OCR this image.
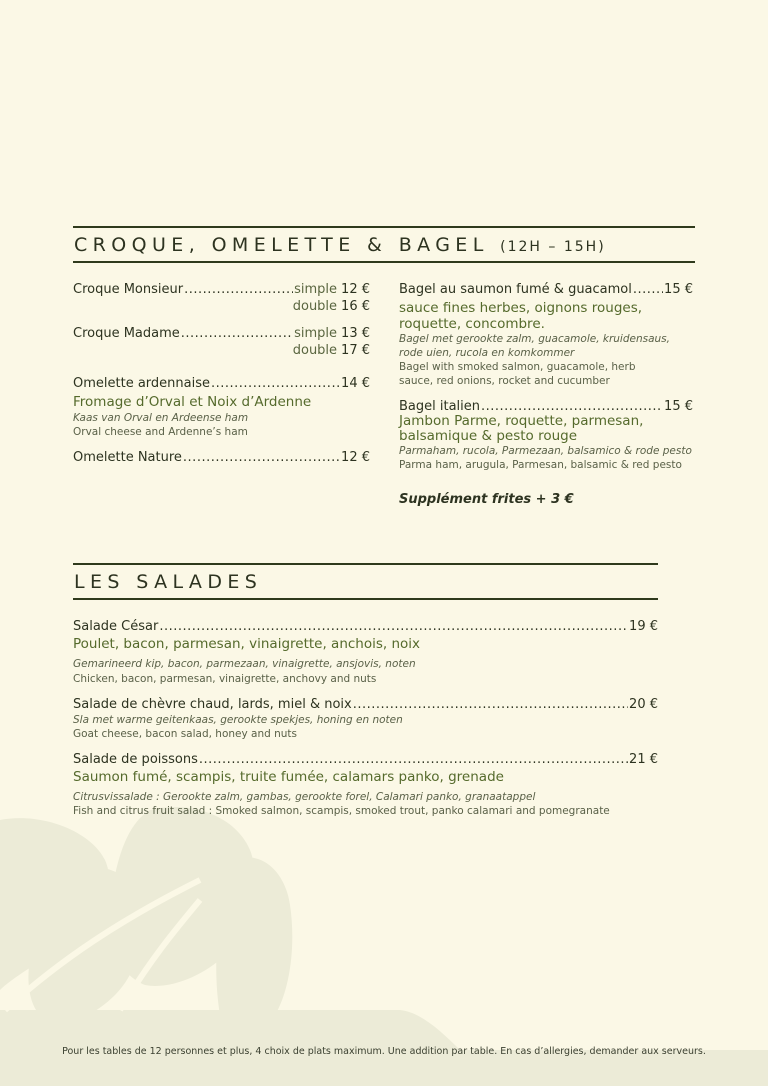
CROQUE, OMELETTE & BAGEL (12H – 15H)
Croque Monsieur .....	simple 12 €
double 16 €
Croque Madame .....	simple 13 €
double 17 €
Omelette ardennaise .....	14 €
Fromage d’Orval et Noix d’Ardenne
Kaas van Orval en Ardeense ham
Orval cheese and Ardenne’s ham
Omelette Nature .....	12 €
Bagel au saumon fumé & guacamol ..... 15 €
sauce fines herbes, oignons rouges,
roquette, concombre.
Bagel met gerookte zalm, guacamole, kruidensaus,
rode uien, rucola en komkommer
Bagel with smoked salmon, guacamole, herb
sauce, red onions, rocket and cucumber
Bagel italien .....	15 €
Jambon Parme, roquette, parmesan,
balsamique & pesto rouge
Parmaham, rucola, Parmezaan, balsamico & rode pesto
Parma ham, arugula, Parmesan, balsamic & red pesto
Supplément frites + 3 €
LES SALADES
Salade César .....	19 €
Poulet, bacon, parmesan, vinaigrette, anchois, noix
Gemarineerd kip, bacon, parmezaan, vinaigrette, ansjovis, noten
Chicken, bacon, parmesan, vinaigrette, anchovy and nuts
Salade de chèvre chaud, lards, miel & noix .....	20 €
Sla met warme geitenkaas, gerookte spekjes, honing en noten
Goat cheese, bacon salad, honey and nuts
Salade de poissons .....	21 €
Saumon fumé, scampis, truite fumée, calamars panko, grenade
Citrusvissalade : Gerookte zalm, gambas, gerookte forel, Calamari panko, granaatappel
Fish and citrus fruit salad : Smoked salmon, scampis, smoked trout, panko calamari and pomegranate
Pour les tables de 12 personnes et plus, 4 choix de plats maximum. Une addition par table. En cas d’allergies, demander aux serveurs.
